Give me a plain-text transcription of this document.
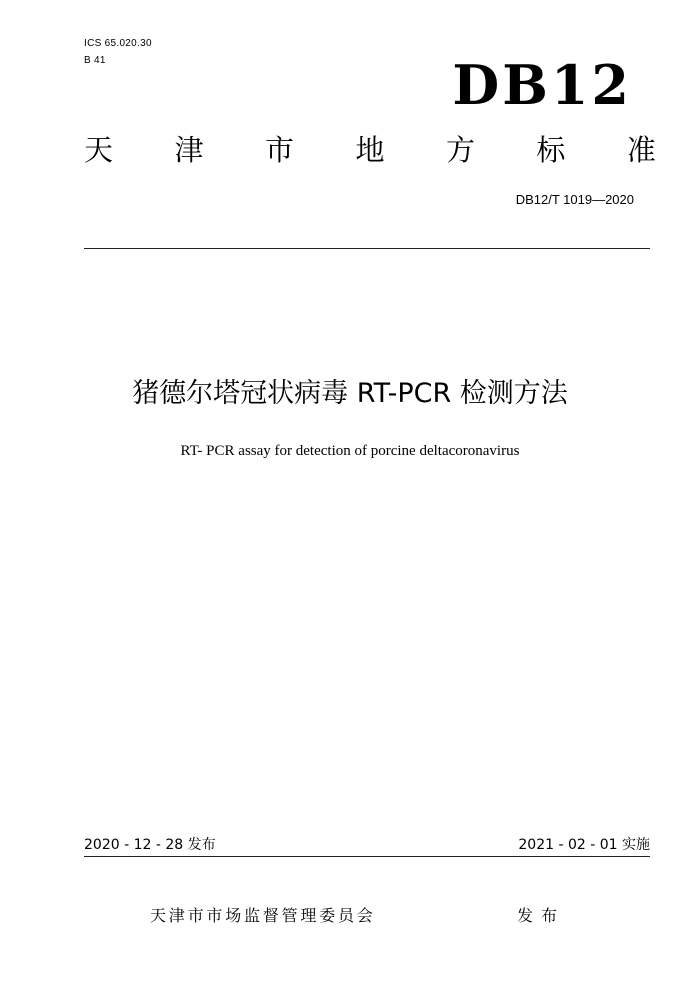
ICS 65.020.30
B 41	DB12
天 津 市 地 方 标 准
DB12/T 1019—2020
猪德尔塔冠状病毒 RT-PCR 检测方法
RT- PCR assay for detection of porcine deltacoronavirus
2020 - 12 - 28 发布	2021 - 02 - 01 实施
天津市市场监督管理委员会	发布
